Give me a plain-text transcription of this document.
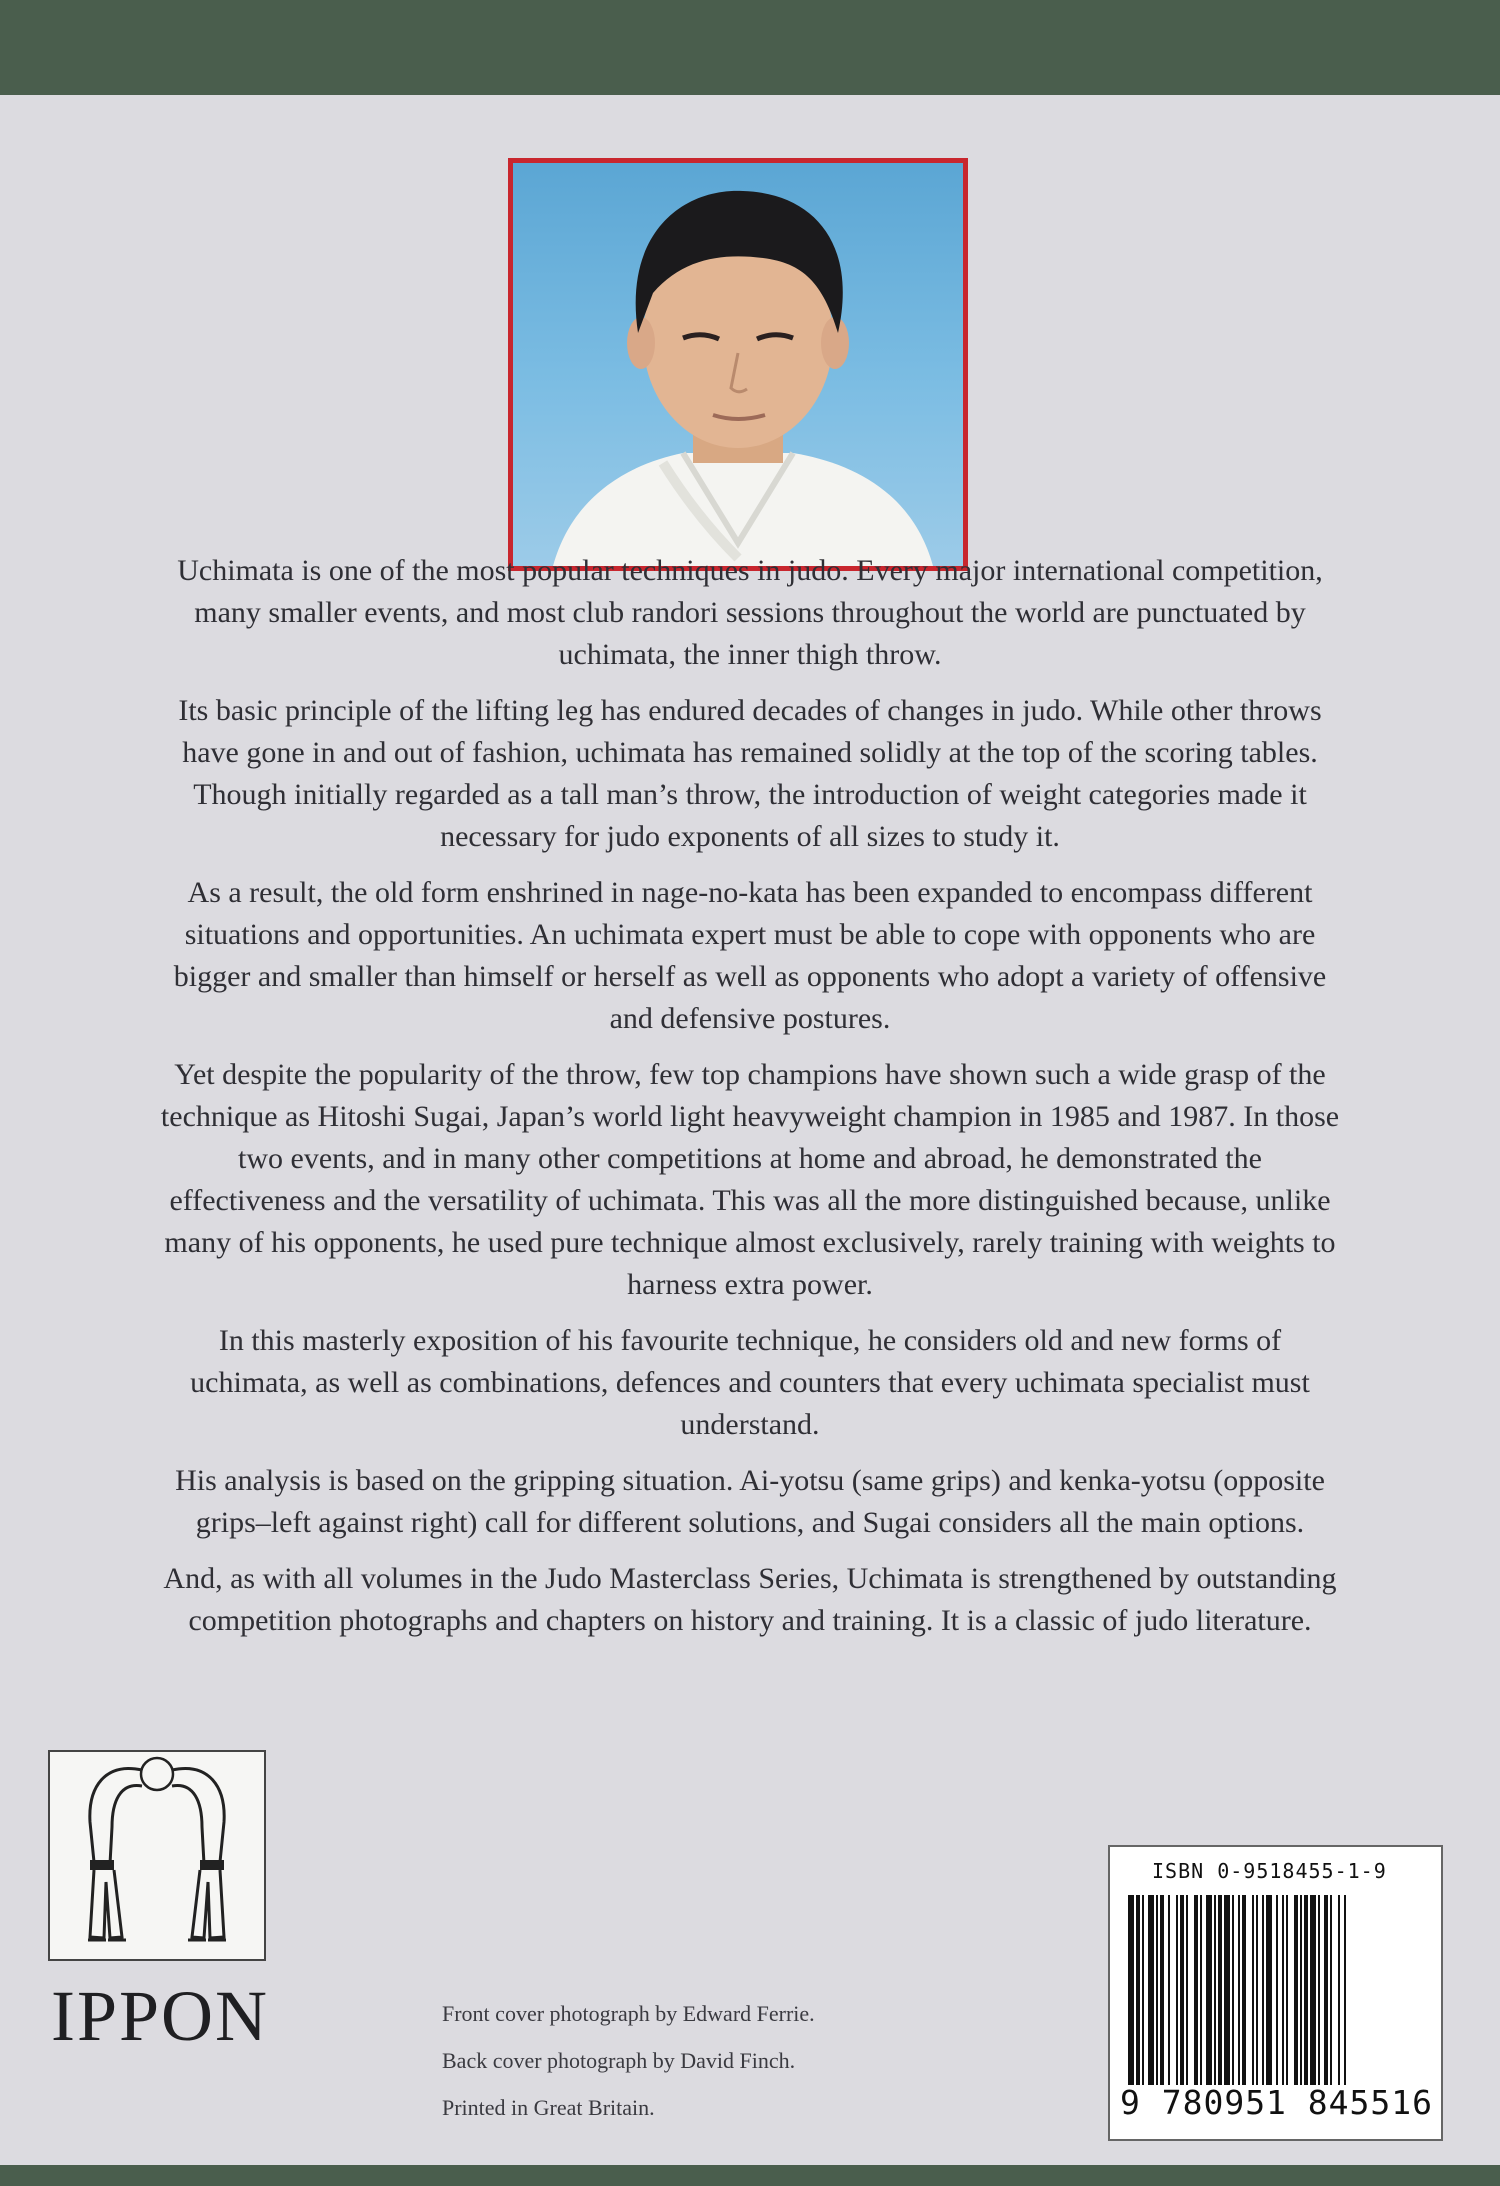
Uchimata is one of the most popular techniques in judo. Every major international competition, many smaller events, and most club randori sessions throughout the world are punctuated by uchimata, the inner thigh throw.

Its basic principle of the lifting leg has endured decades of changes in judo. While other throws have gone in and out of fashion, uchimata has remained solidly at the top of the scoring tables. Though initially regarded as a tall man’s throw, the introduction of weight categories made it necessary for judo exponents of all sizes to study it.

As a result, the old form enshrined in nage-no-kata has been expanded to encompass different situations and opportunities. An uchimata expert must be able to cope with opponents who are bigger and smaller than himself or herself as well as opponents who adopt a variety of offensive and defensive postures.

Yet despite the popularity of the throw, few top champions have shown such a wide grasp of the technique as Hitoshi Sugai, Japan’s world light heavyweight champion in 1985 and 1987. In those two events, and in many other competitions at home and abroad, he demonstrated the effectiveness and the versatility of uchimata. This was all the more distinguished because, unlike many of his opponents, he used pure technique almost exclusively, rarely training with weights to harness extra power.

In this masterly exposition of his favourite technique, he considers old and new forms of uchimata, as well as combinations, defences and counters that every uchimata specialist must understand.

His analysis is based on the gripping situation. Ai-yotsu (same grips) and kenka-yotsu (opposite grips–left against right) call for different solutions, and Sugai considers all the main options.

And, as with all volumes in the Judo Masterclass Series, Uchimata is strengthened by outstanding competition photographs and chapters on history and training. It is a classic of judo literature.

IPPON	Front cover photograph by Edward Ferrie.
Back cover photograph by David Finch.
Printed in Great Britain.
ISBN 0-9518455-1-9
9 780951 845516
